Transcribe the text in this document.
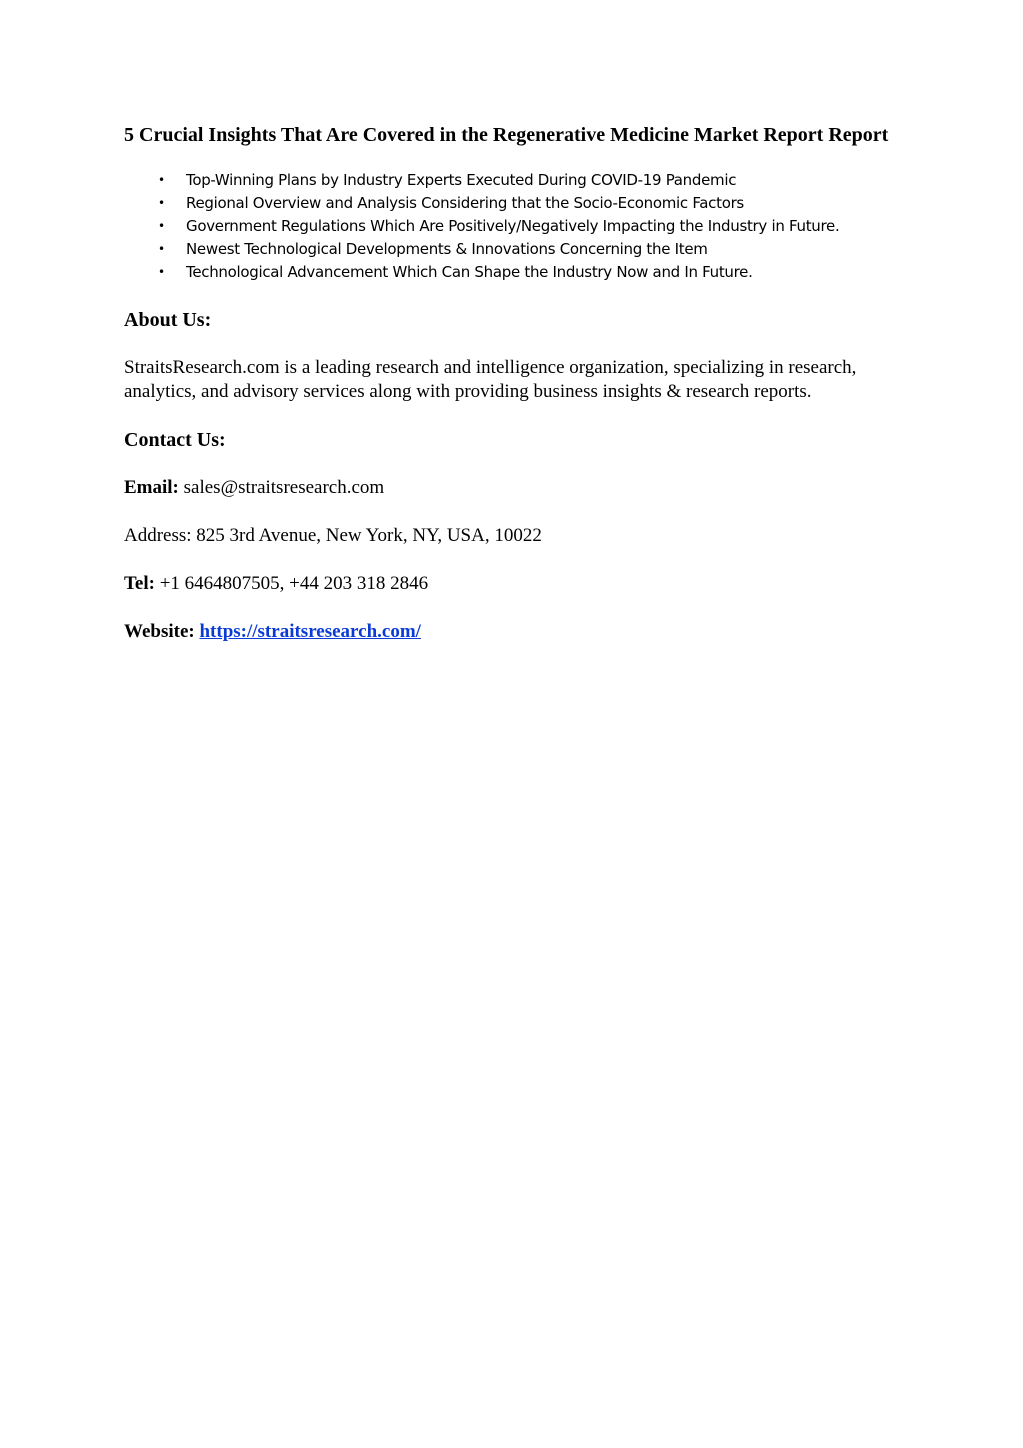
5 Crucial Insights That Are Covered in the Regenerative Medicine Market Report Report
• Top-Winning Plans by Industry Experts Executed During COVID-19 Pandemic
• Regional Overview and Analysis Considering that the Socio-Economic Factors
• Government Regulations Which Are Positively/Negatively Impacting the Industry in Future.
• Newest Technological Developments & Innovations Concerning the Item
• Technological Advancement Which Can Shape the Industry Now and In Future.
About Us:

StraitsResearch.com is a leading research and intelligence organization, specializing in research, analytics, and advisory services along with providing business insights & research reports.

Contact Us:

Email: sales@straitsresearch.com

Address: 825 3rd Avenue, New York, NY, USA, 10022

Tel: +1 6464807505, +44 203 318 2846

Website: https://straitsresearch.com/
